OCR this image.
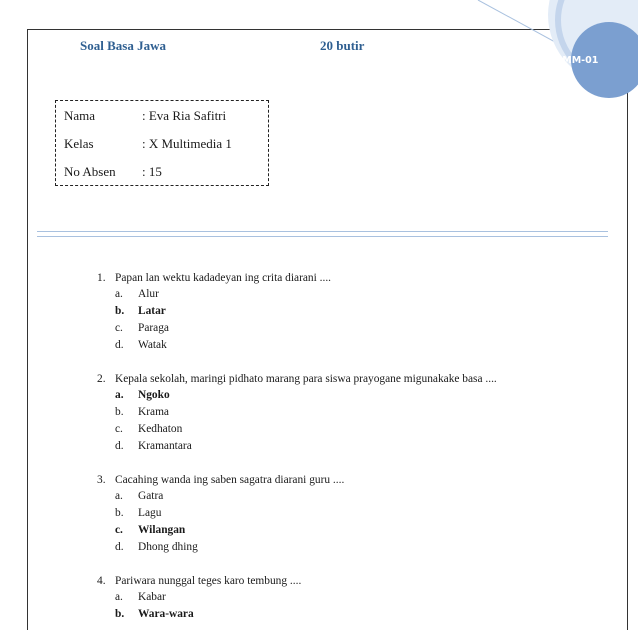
X MM-01
Soal Basa Jawa	20 butir
Nama	: Eva Ria Safitri
Kelas	: X Multimedia 1
No Absen : 15
1. Papan lan wektu kadadeyan ing crita diarani ....
a. Alur
b. Latar
c. Paraga
d. Watak
2. Kepala sekolah, maringi pidhato marang para siswa prayogane migunakake basa ....
a. Ngoko
b. Krama
c. Kedhaton
d. Kramantara
3. Cacahing wanda ing saben sagatra diarani guru ....
a. Gatra
b. Lagu
c. Wilangan
d. Dhong dhing
4. Pariwara nunggal teges karo tembung ....
a. Kabar
b. Wara-wara
